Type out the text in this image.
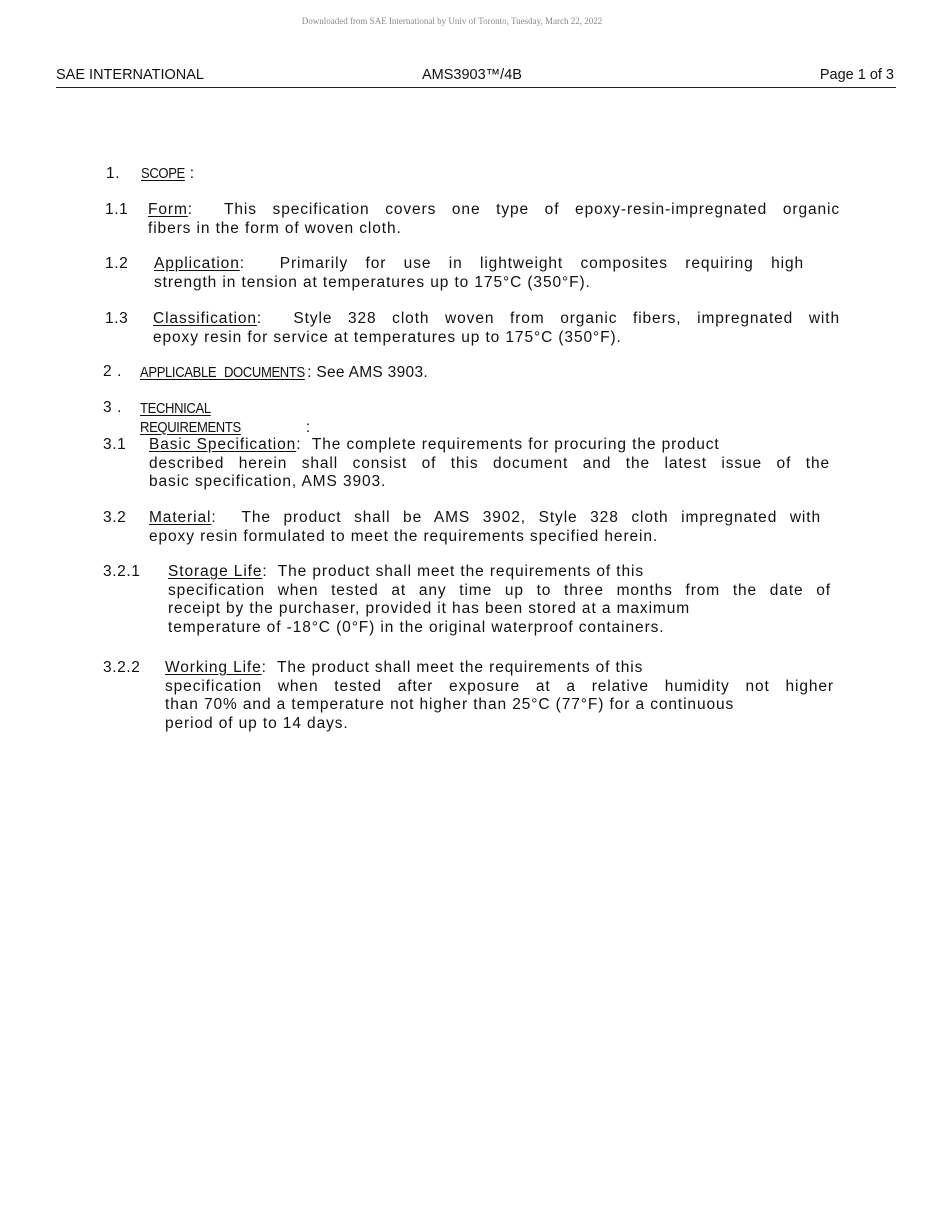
Downloaded from SAE International by Univ of Toronto, Tuesday, March 22, 2022
SAE INTERNATIONAL	AMS3903™/4B	Page 1 of 3
1. SCOPE :
1.1 Form: This specification covers one type of epoxy-resin-impregnated organic
fibers in the form of woven cloth.
1.2 Application: Primarily for use in lightweight composites requiring high
strength in tension at temperatures up to 175°C (350°F).
1.3 Classification: Style 328 cloth woven from organic fibers, impregnated with
epoxy resin for service at temperatures up to 175°C (350°F).
2 . APPLICABLE DOCUMENTS : See AMS 3903.
3 . TECHNICAL REQUIREMENTS	:
3.1 Basic Specification: The complete requirements for procuring the product
described herein shall consist of this document and the latest issue of the
basic specification, AMS 3903.
3.2 Material: The product shall be AMS 3902, Style 328 cloth impregnated with
epoxy resin formulated to meet the requirements specified herein.
3.2.1 Storage Life: The product shall meet the requirements of this
specification when tested at any time up to three months from the date of
receipt by the purchaser, provided it has been stored at a maximum
temperature of -18°C (0°F) in the original waterproof containers.
3.2.2 Working Life: The product shall meet the requirements of this
specification when tested after exposure at a relative humidity not higher
than 70% and a temperature not higher than 25°C (77°F) for a continuous
period of up to 14 days.
